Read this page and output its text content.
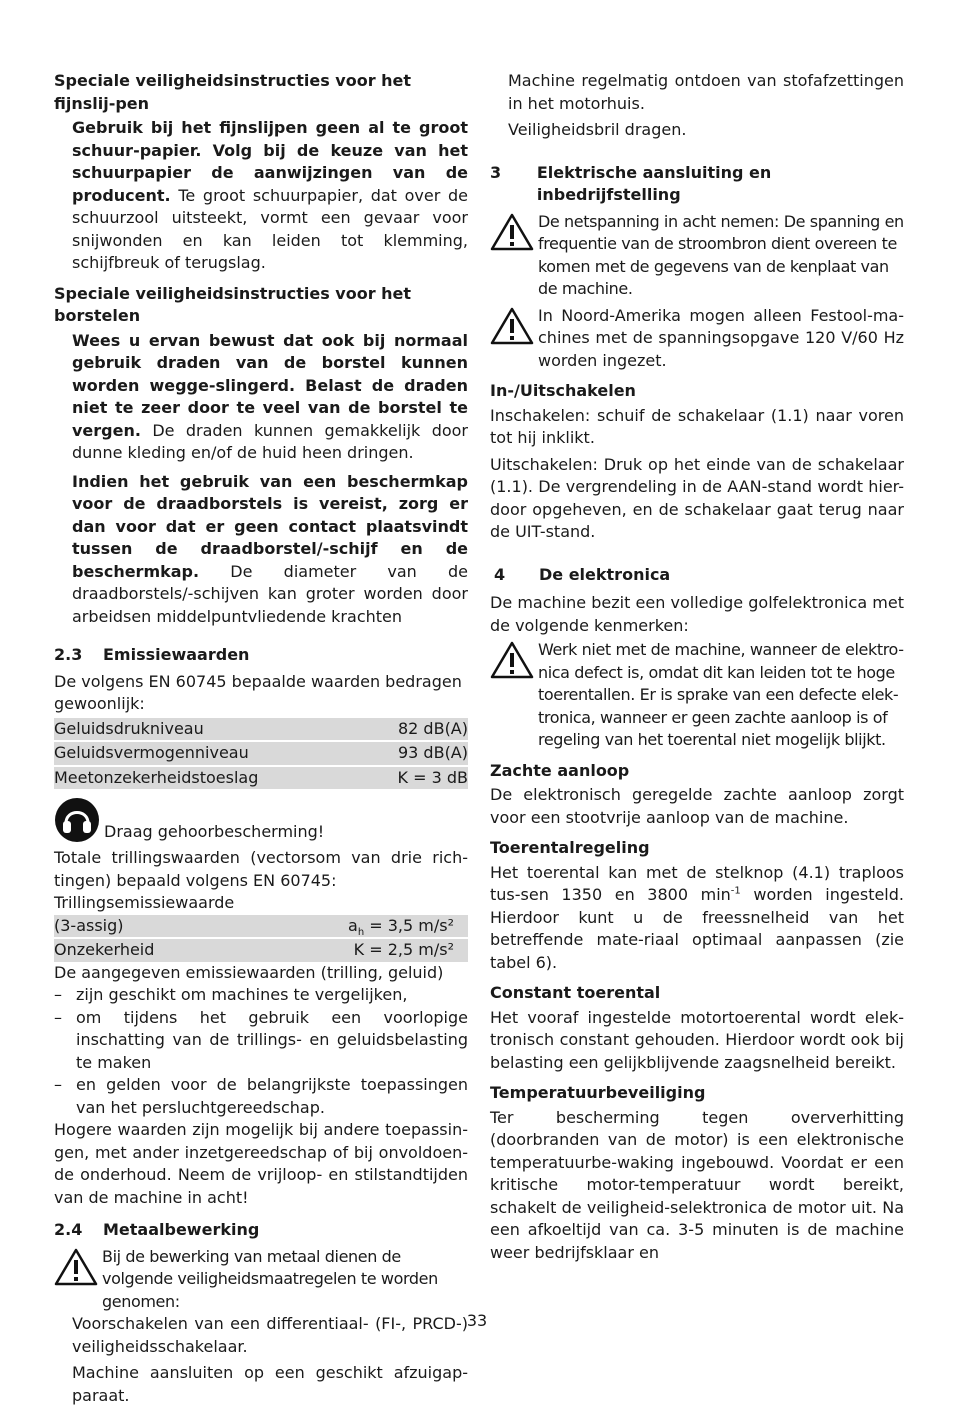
Speciale veiligheidsinstructies voor het fijnslij-pen

Gebruik bij het fijnslijpen geen al te groot schuur-papier. Volg bij de keuze van het schuurpapier de aanwijzingen van de producent. Te groot schuurpapier, dat over de schuurzool uitsteekt, vormt een gevaar voor snijwonden en kan leiden tot klemming, schijfbreuk of terugslag.

Speciale veiligheidsinstructies voor het borstelen

Wees u ervan bewust dat ook bij normaal gebruik draden van de borstel kunnen worden wegge-slingerd. Belast de draden niet te zeer door te veel van de borstel te vergen. De draden kunnen gemakkelijk door dunne kleding en/of de huid heen dringen.

Indien het gebruik van een beschermkap voor de draadborstels is vereist, zorg er dan voor dat er geen contact plaatsvindt tussen de draadborstel/-schijf en de beschermkap. De diameter van de draadborstels/-schijven kan groter worden door arbeidsen middelpuntvliedende krachten

2.3	Emissiewaarden

De volgens EN 60745 bepaalde waarden bedragen gewoonlijk:

Geluidsdrukniveau	82 dB(A)
Geluidsvermogenniveau	93 dB(A)
Meetonzekerheidstoeslag	K = 3 dB
Draag gehoorbescherming!

Totale trillingswaarden (vectorsom van drie rich-tingen) bepaald volgens EN 60745:

Trillingsemissiewaarde

(3-assig)	$a_h = 3,5$ m/s²
Onzekerheid	K = 2,5 m/s²

De aangegeven emissiewaarden (trilling, geluid)

– zijn geschikt om machines te vergelijken,
– om tijdens het gebruik een voorlopige inschatting van de trillings- en geluidsbelasting te maken
– en gelden voor de belangrijkste toepassingen van het persluchtgereedschap.

Hogere waarden zijn mogelijk bij andere toepassin-gen, met ander inzetgereedschap of bij onvoldoen-de onderhoud. Neem de vrijloop- en stilstandtijden van de machine in acht!

2.4	Metaalbewerking
Bij de bewerking van metaal dienen de volgende veiligheidsmaatregelen te worden genomen:

Voorschakelen van een differentiaal- (FI-, PRCD-) veiligheidsschakelaar.

Machine aansluiten op een geschikt afzuigap-paraat.

Machine regelmatig ontdoen van stofafzettingen in het motorhuis.

Veiligheidsbril dragen.

3	Elektrische aansluiting en inbedrijfstelling
De netspanning in acht nemen: De spanning en frequentie van de stroombron dient overeen te komen met de gegevens van de kenplaat van de machine.
In Noord-Amerika mogen alleen Festool-ma-chines met de spanningsopgave 120 V/60 Hz worden ingezet.

In-/Uitschakelen

Inschakelen: schuif de schakelaar (1.1) naar voren tot hij inklikt.

Uitschakelen: Druk op het einde van de schakelaar (1.1). De vergrendeling in de AAN-stand wordt hier-door opgeheven, en de schakelaar gaat terug naar de UIT-stand.

4	De elektronica

De machine bezit een volledige golfelektronica met de volgende kenmerken:

Werk niet met de machine, wanneer de elektro-nica defect is, omdat dit kan leiden tot te hoge toerentallen. Er is sprake van een defecte elek-tronica, wanneer er geen zachte aanloop is of regeling van het toerental niet mogelijk blijkt.

Zachte aanloop

De elektronisch geregelde zachte aanloop zorgt voor een stootvrije aanloop van de machine.

Toerentalregeling

Het toerental kan met de stelknop (4.1) traploos tus-sen 1350 en 3800 $\min^{-1}$ worden ingesteld. Hierdoor kunt u de freessnelheid van het betreffende mate-riaal optimaal aanpassen (zie tabel 6).

Constant toerental

Het vooraf ingestelde motortoerental wordt elek-tronisch constant gehouden. Hierdoor wordt ook bij belasting een gelijkblijvende zaagsnelheid bereikt.

Temperatuurbeveiliging

Ter bescherming tegen oververhitting (doorbranden van de motor) is een elektronische temperatuurbe-waking ingebouwd. Voordat er een kritische motor-temperatuur wordt bereikt, schakelt de veiligheid-selektronica de motor uit. Na een afkoeltijd van ca. 3-5 minuten is de machine weer bedrijfsklaar en

33
